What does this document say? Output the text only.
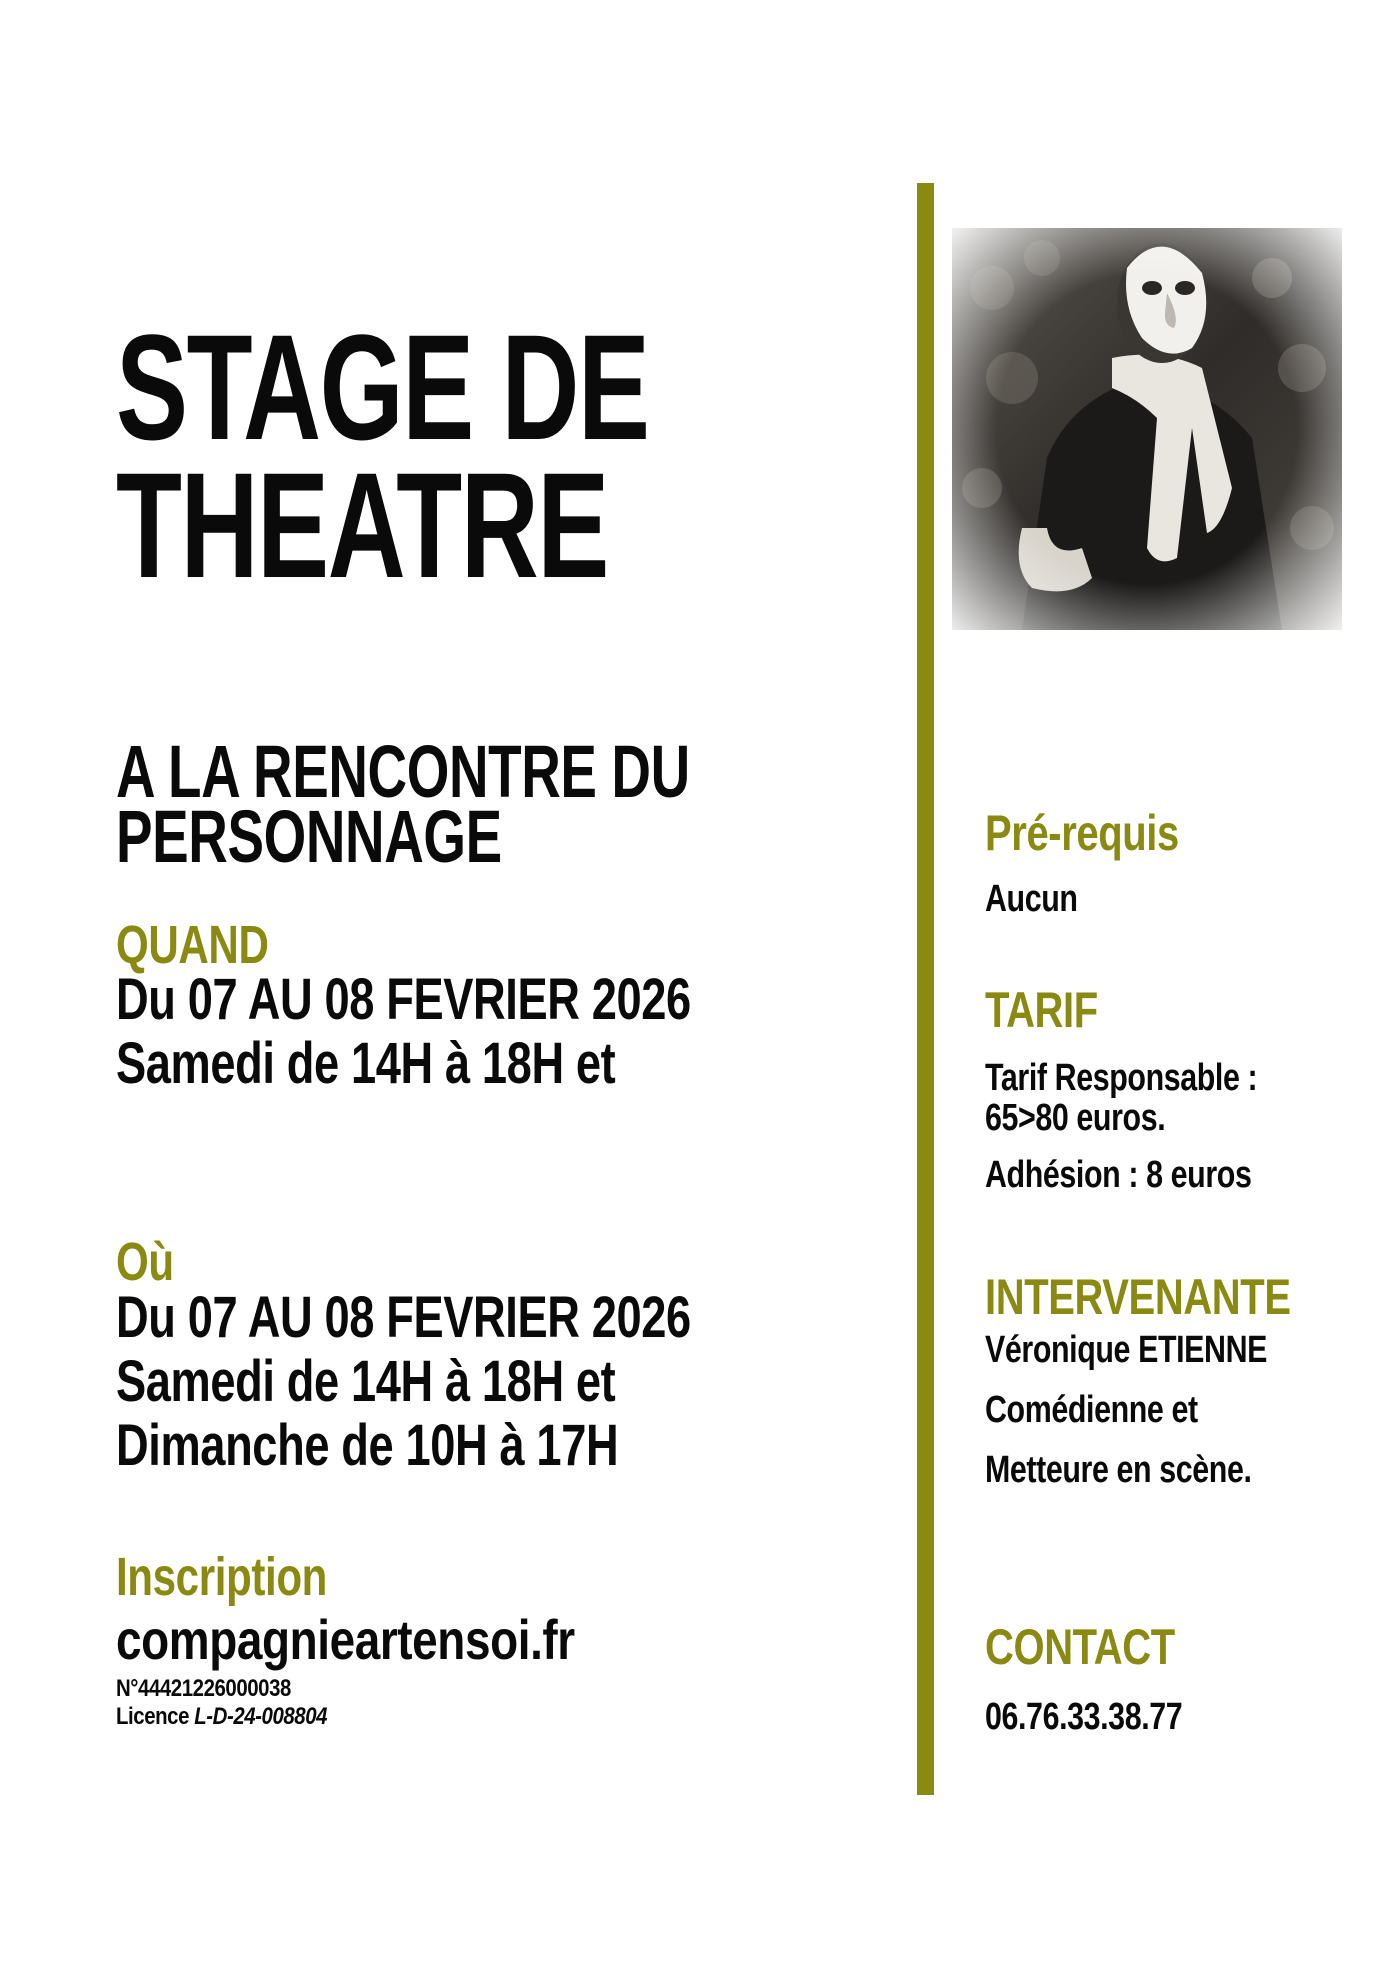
STAGE DE
THEATRE
A LA RENCONTRE DU
PERSONNAGE
QUAND
Du 07 AU 08 FEVRIER 2026
Samedi de 14H à 18H et
Où
Du 07 AU 08 FEVRIER 2026
Samedi de 14H à 18H et
Dimanche de 10H à 17H
Inscription
compagnieartensoi.fr
N°44421226000038
Licence L-D-24-008804
Pré-requis
Aucun
TARIF
Tarif Responsable :
65>80 euros.
Adhésion : 8 euros
INTERVENANTE
Véronique ETIENNE
Comédienne et
Metteure en scène.
CONTACT
06.76.33.38.77
